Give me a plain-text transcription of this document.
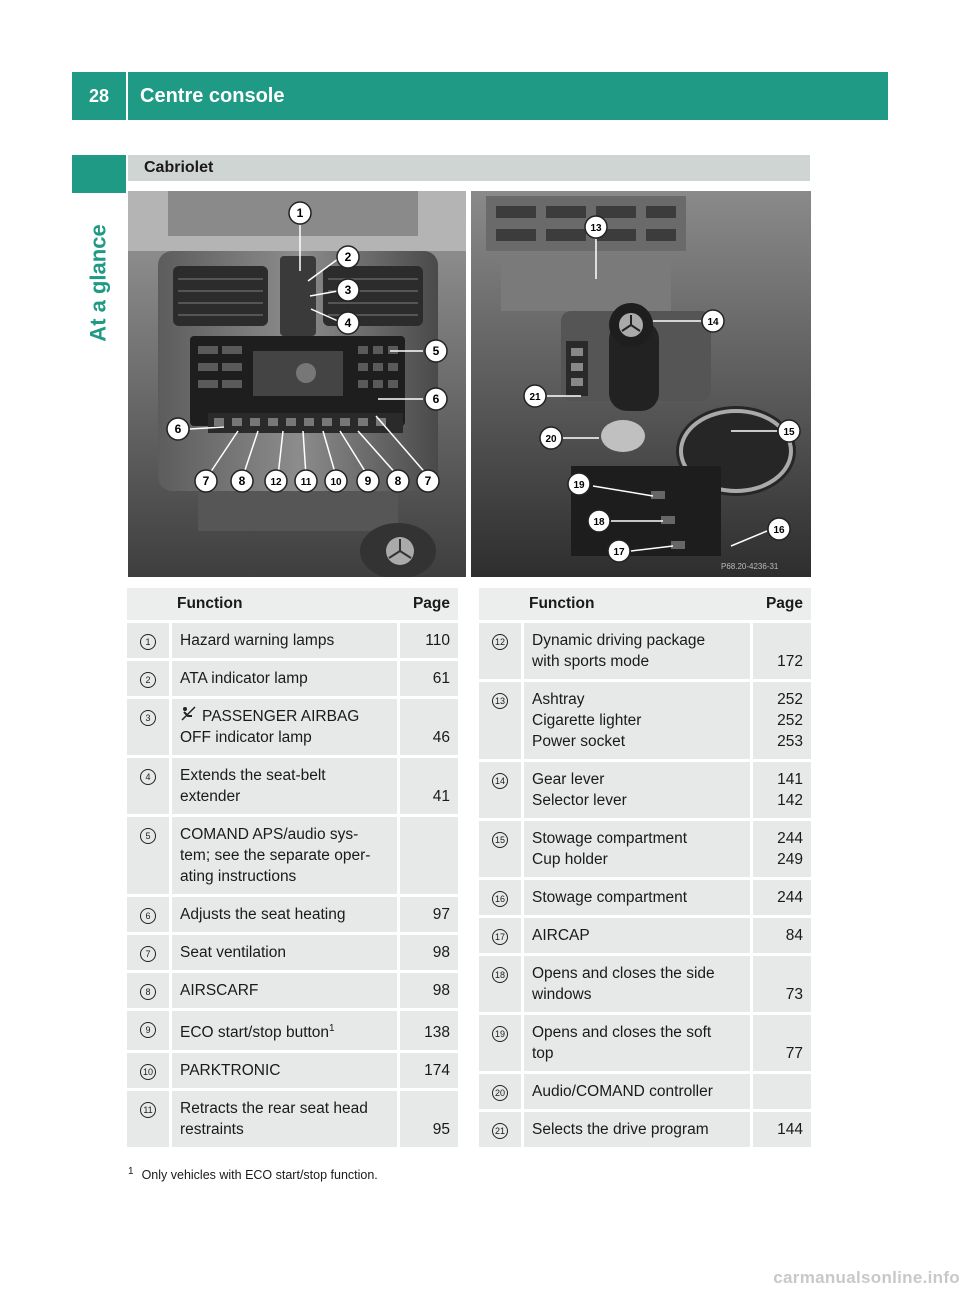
28	Centre console
At a glance
Cabriolet
1
2
3
4
5
6
6
7 8	12 11 10 9 8 7
P68.20-4236-31
13
14
21
20
15
19
18
17
16
	Function	Page
1	Hazard warning lamps	110

2	ATA indicator lamp	61

3	PASSENGER AIRBAG
OFF indicator lamp	46

4	Extends the seat-belt
extender	41

5	COMAND APS/audio sys-
tem; see the separate oper-
ating instructions	

6	Adjusts the seat heating	97

7	Seat ventilation	98

8	AIRSCARF	98

9	ECO start/stop button$^1$	138

10	PARKTRONIC	174

11	Retracts the rear seat head
restraints	95
	Function	Page
12	Dynamic driving package
with sports mode	172

13	Ashtray
Cigarette lighter
Power socket	252
252
253

14	Gear lever
Selector lever	141
142

15	Stowage compartment
Cup holder	244
249

16	Stowage compartment	244

17	AIRCAP	84

18	Opens and closes the side
windows	73

19	Opens and closes the soft
top	77

20	Audio/COMAND controller	

21	Selects the drive program	144
$^1$ Only vehicles with ECO start/stop function.
carmanualsonline.info
